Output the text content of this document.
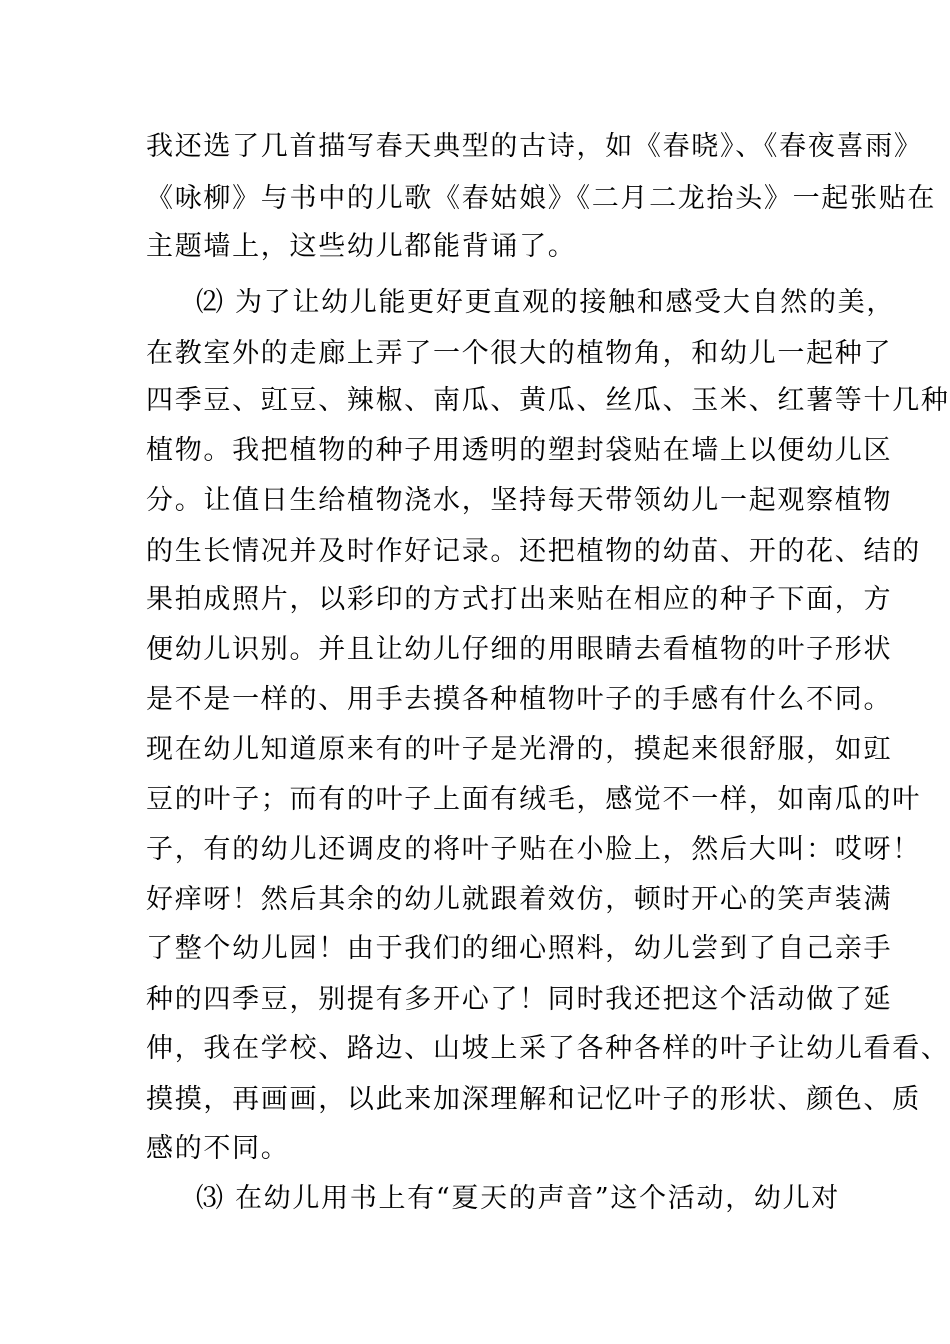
我还选了几首描写春天典型的古诗，如《春晓》、《春夜喜雨》
《咏柳》与书中的儿歌《春姑娘》《二月二龙抬头》一起张贴在
主题墙上，这些幼儿都能背诵了。
⑵ 为了让幼儿能更好更直观的接触和感受大自然的美，
在教室外的走廊上弄了一个很大的植物角，和幼儿一起种了
四季豆、豇豆、辣椒、南瓜、黄瓜、丝瓜、玉米、红薯等十几种
植物。我把植物的种子用透明的塑封袋贴在墙上以便幼儿区
分。让值日生给植物浇水，坚持每天带领幼儿一起观察植物
的生长情况并及时作好记录。还把植物的幼苗、开的花、结的
果拍成照片，以彩印的方式打出来贴在相应的种子下面，方
便幼儿识别。并且让幼儿仔细的用眼睛去看植物的叶子形状
是不是一样的、用手去摸各种植物叶子的手感有什么不同。
现在幼儿知道原来有的叶子是光滑的，摸起来很舒服，如豇
豆的叶子；而有的叶子上面有绒毛，感觉不一样，如南瓜的叶
子，有的幼儿还调皮的将叶子贴在小脸上，然后大叫：哎呀！
好痒呀！然后其余的幼儿就跟着效仿，顿时开心的笑声装满
了整个幼儿园！由于我们的细心照料，幼儿尝到了自己亲手
种的四季豆，别提有多开心了！同时我还把这个活动做了延
伸，我在学校、路边、山坡上采了各种各样的叶子让幼儿看看、
摸摸，再画画，以此来加深理解和记忆叶子的形状、颜色、质
感的不同。
⑶ 在幼儿用书上有“夏天的声音”这个活动，幼儿对
